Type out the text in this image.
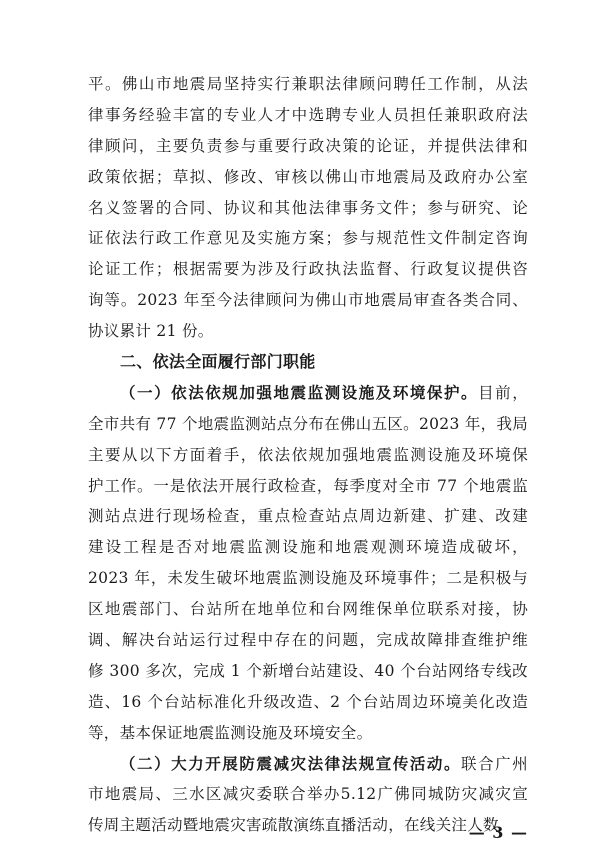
平。佛山市地震局坚持实行兼职法律顾问聘任工作制，从法
律事务经验丰富的专业人才中选聘专业人员担任兼职政府法
律顾问，主要负责参与重要行政决策的论证，并提供法律和
政策依据；草拟、修改、审核以佛山市地震局及政府办公室
名义签署的合同、协议和其他法律事务文件；参与研究、论
证依法行政工作意见及实施方案；参与规范性文件制定咨询
论证工作；根据需要为涉及行政执法监督、行政复议提供咨
询等。2023 年至今法律顾问为佛山市地震局审查各类合同、
协议累计 21 份。
二、依法全面履行部门职能
（一）依法依规加强地震监测设施及环境保护。目前，
全市共有 77 个地震监测站点分布在佛山五区。2023 年，我局
主要从以下方面着手，依法依规加强地震监测设施及环境保
护工作。一是依法开展行政检查，每季度对全市 77 个地震监
测站点进行现场检查，重点检查站点周边新建、扩建、改建
建设工程是否对地震监测设施和地震观测环境造成破坏，
2023 年，未发生破坏地震监测设施及环境事件；二是积极与
区地震部门、台站所在地单位和台网维保单位联系对接，协
调、解决台站运行过程中存在的问题，完成故障排查维护维
修 300 多次，完成 1 个新增台站建设、40 个台站网络专线改
造、16 个台站标准化升级改造、2 个台站周边环境美化改造
等，基本保证地震监测设施及环境安全。
（二）大力开展防震减灾法律法规宣传活动。联合广州
— 3 —
市地震局、三水区减灾委联合举办5.12广佛同城防灾减灾宣
传周主题活动暨地震灾害疏散演练直播活动，在线关注人数
